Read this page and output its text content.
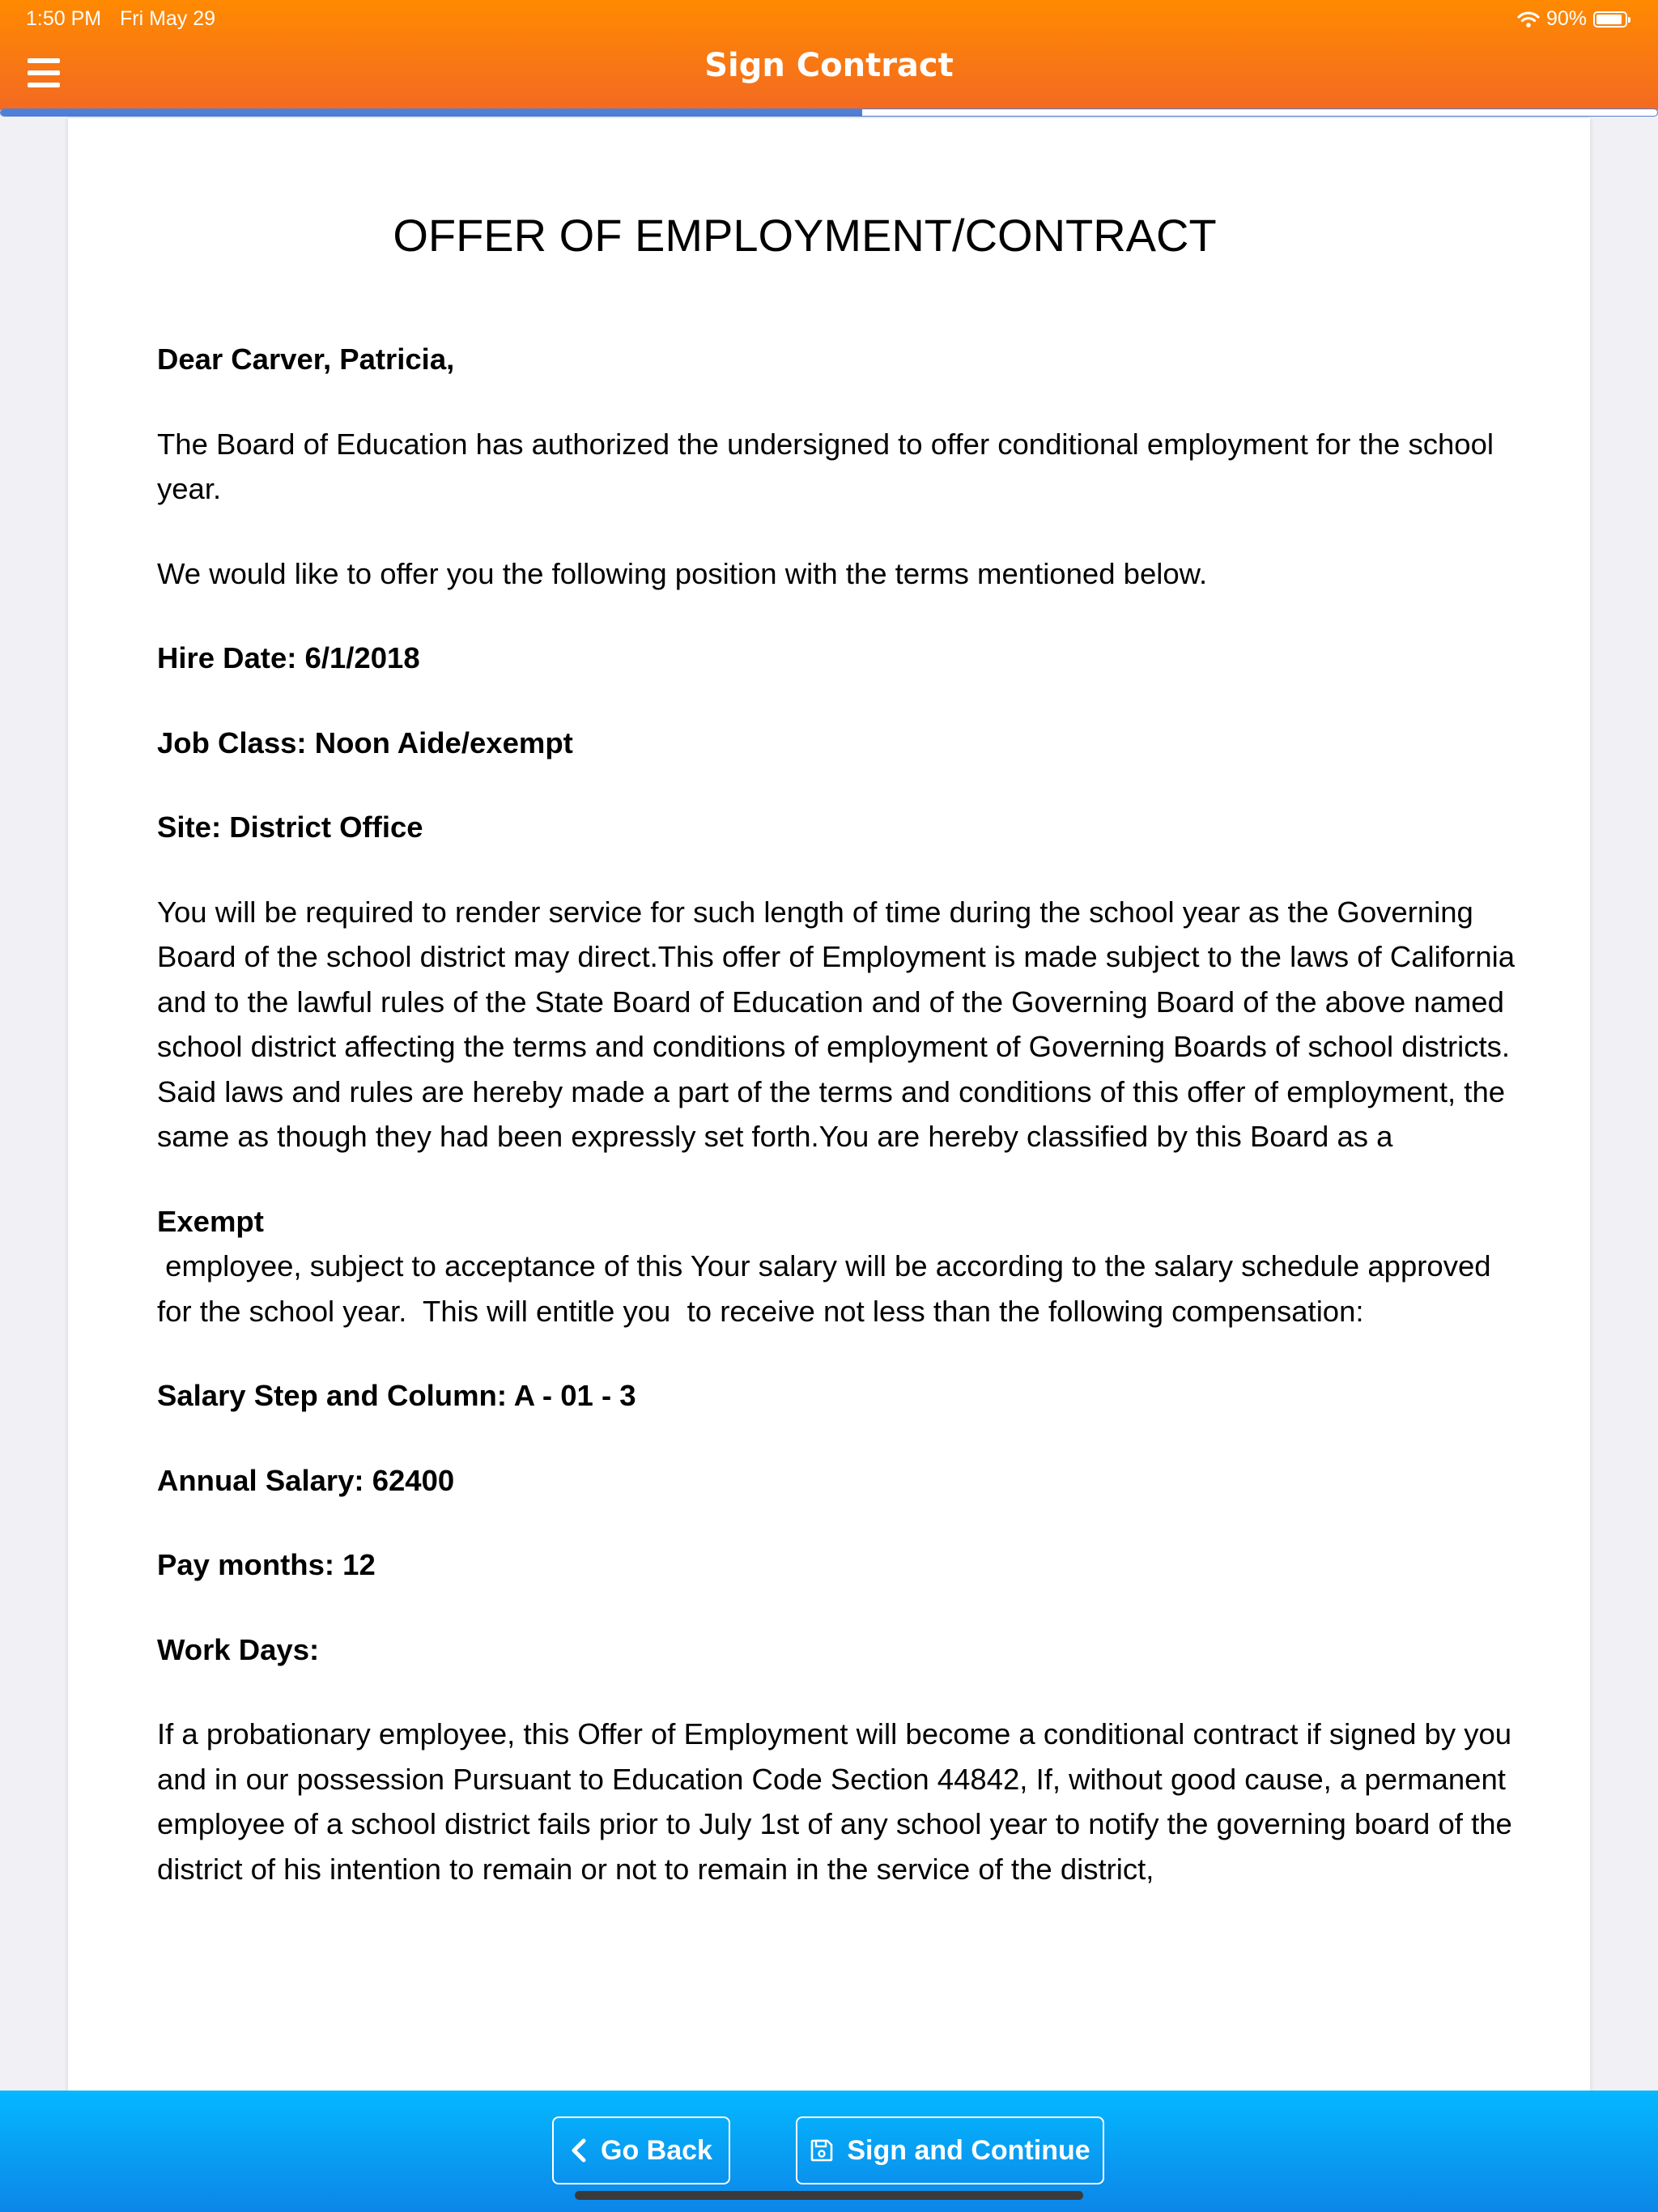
1:50 PM Fri May 29	90%
Sign Contract
OFFER OF EMPLOYMENT/CONTRACT

Dear Carver, Patricia,

The Board of Education has authorized the undersigned to offer conditional employment for the school year.

We would like to offer you the following position with the terms mentioned below.

Hire Date: 6/1/2018

Job Class: Noon Aide/exempt

Site: District Office

You will be required to render service for such length of time during the school year as the Governing Board of the school district may direct.This offer of Employment is made subject to the laws of California and to the lawful rules of the State Board of Education and of the Governing Board of the above named school district affecting the terms and conditions of employment of Governing Boards of school districts. Said laws and rules are hereby made a part of the terms and conditions of this offer of employment, the same as though they had been expressly set forth.You are hereby classified by this Board as a

Exempt

employee, subject to acceptance of this Your salary will be according to the salary schedule approved for the school year.  This will entitle you  to receive not less than the following compensation:

Salary Step and Column: A - 01 - 3

Annual Salary: 62400

Pay months: 12

Work Days:

If a probationary employee, this Offer of Employment will become a conditional contract if signed by you and in our possession Pursuant to Education Code Section 44842, If, without good cause, a permanent employee of a school district fails prior to July 1st of any school year to notify the governing board of the district of his intention to remain or not to remain in the service of the district,

Go Back	Sign and Continue
